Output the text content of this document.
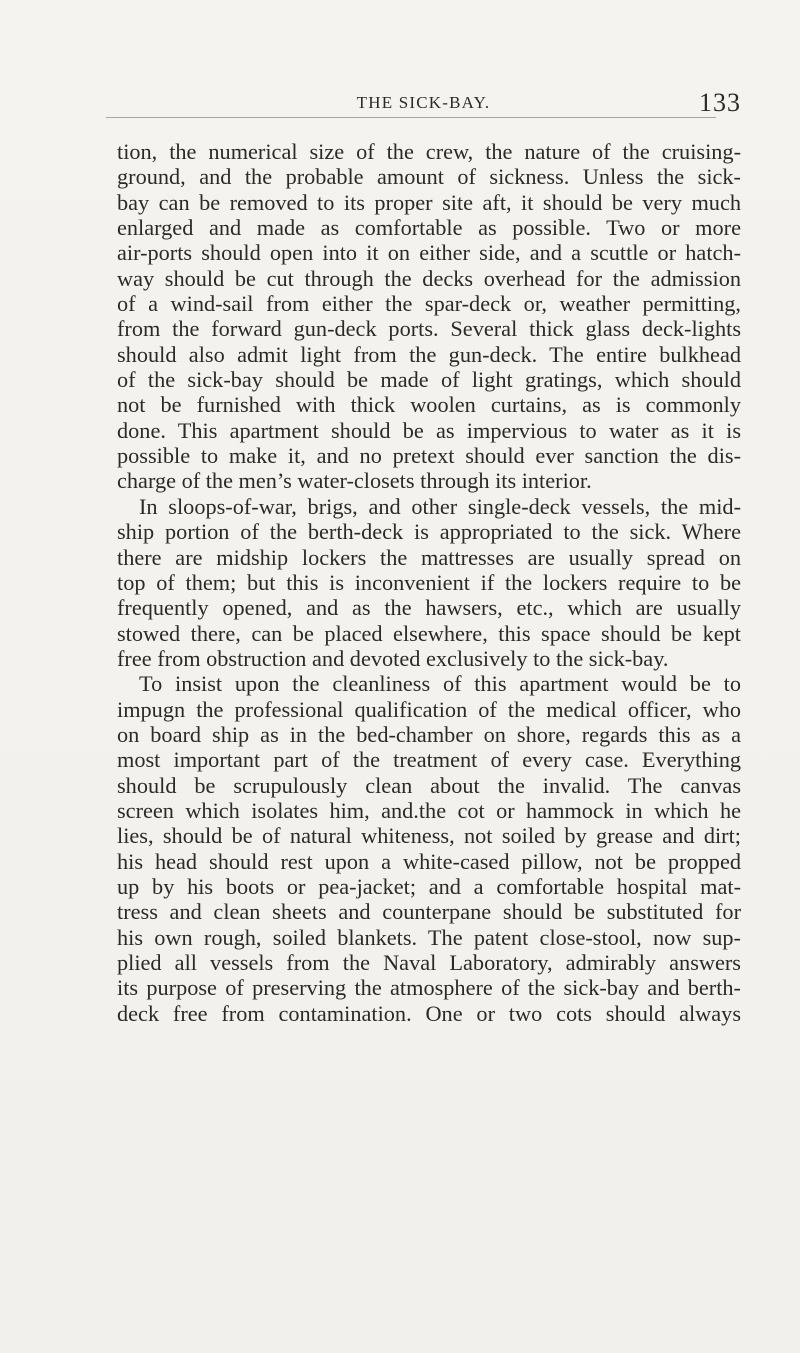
THE SICK-BAY.	133
tion, the numerical size of the crew, the nature of the cruising-
ground, and the probable amount of sickness. Unless the sick-
bay can be removed to its proper site aft, it should be very much
enlarged and made as comfortable as possible. Two or more
air-ports should open into it on either side, and a scuttle or hatch-
way should be cut through the decks overhead for the admission
of a wind-sail from either the spar-deck or, weather permitting,
from the forward gun-deck ports. Several thick glass deck-lights
should also admit light from the gun-deck. The entire bulkhead
of the sick-bay should be made of light gratings, which should
not be furnished with thick woolen curtains, as is commonly
done. This apartment should be as impervious to water as it is
possible to make it, and no pretext should ever sanction the dis-
charge of the men’s water-closets through its interior.
In sloops-of-war, brigs, and other single-deck vessels, the mid-
ship portion of the berth-deck is appropriated to the sick. Where
there are midship lockers the mattresses are usually spread on
top of them; but this is inconvenient if the lockers require to be
frequently opened, and as the hawsers, etc., which are usually
stowed there, can be placed elsewhere, this space should be kept
free from obstruction and devoted exclusively to the sick-bay.
To insist upon the cleanliness of this apartment would be to
impugn the professional qualification of the medical officer, who
on board ship as in the bed-chamber on shore, regards this as a
most important part of the treatment of every case. Everything
should be scrupulously clean about the invalid. The canvas
screen which isolates him, and.the cot or hammock in which he
lies, should be of natural whiteness, not soiled by grease and dirt;
his head should rest upon a white-cased pillow, not be propped
up by his boots or pea-jacket; and a comfortable hospital mat-
tress and clean sheets and counterpane should be substituted for
his own rough, soiled blankets. The patent close-stool, now sup-
plied all vessels from the Naval Laboratory, admirably answers
its purpose of preserving the atmosphere of the sick-bay and berth-
deck free from contamination. One or two cots should always
